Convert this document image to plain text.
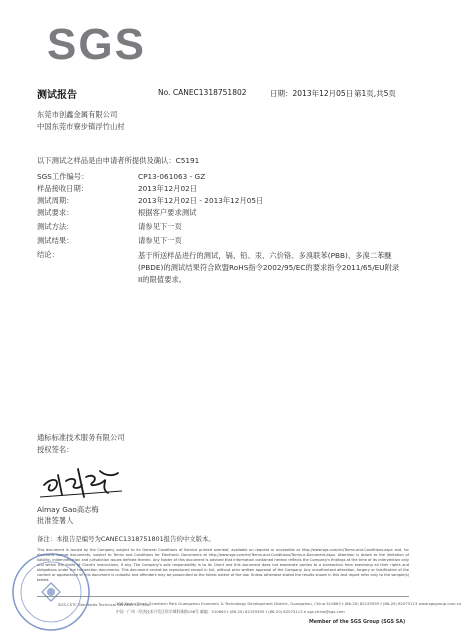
SGS
测试报告	No. CANEC1318751802	日期：2013年12月05日 第1页,共5页
东莞市创鑫金属有限公司
中国东莞市寮步镇浮竹山村
以下测试之样品是由申请者所提供及确认：C5191
SGS工作编号：	CP13-061063 - GZ
样品接收日期：	2013年12月02日
测试周期：	2013年12月02日 - 2013年12月05日
测试要求：	根据客户要求测试
测试方法：	请参见下一页
测试结果：	请参见下一页
结论：	基于所送样品进行的测试，镉、铅、汞、六价铬、多溴联苯(PBB)、多溴二苯醚(PBDE)的测试结果符合欧盟RoHS指令2002/95/EC的要求指令2011/65/EU附录II的限值要求。
通标标准技术服务有限公司
授权签名：
Almay Gao高志梅
批准签署人
备注：本报告是编号为CANEC1318751801报告的中文版本。
This document is issued by the Company subject to its General Conditions of Service printed overleaf, available on request or accessible at http://www.sgs.com/en/Terms-and-Conditions.aspx and, for electronic format documents, subject to Terms and Conditions for Electronic Documents at http://www.sgs.com/en/Terms-and-Conditions/Terms-e-Document.aspx. Attention is drawn to the limitation of liability, indemnification and jurisdiction issues defined therein. Any holder of this document is advised that information contained hereon reflects the Company's findings at the time of its intervention only and within the limits of Client's instructions, if any. The Company's sole responsibility is to its Client and this document does not exonerate parties to a transaction from exercising all their rights and obligations under the transaction documents. This document cannot be reproduced except in full, without prior written approval of the Company. Any unauthorized alteration, forgery or falsification of the content or appearance of this document is unlawful and offenders may be prosecuted to the fullest extent of the law. Unless otherwise stated the results shown in this test report refer only to the sample(s) tested.
SGS-CSTC Standards Technical Services Co., Ltd.
198 Kezhu Road, Scientech Park Guangzhou Economic & Technology Development District, Guangzhou, China 510663 t (86-20) 82155555 f (86-20) 82075113 www.sgsgroup.com.cn
中国 · 广州 · 经济技术开发区科学城科珠路198号 邮编：510663 t (86-20) 82155555 f (86-20) 82075113 e sgs.china@sgs.com
Member of the SGS Group (SGS SA)
